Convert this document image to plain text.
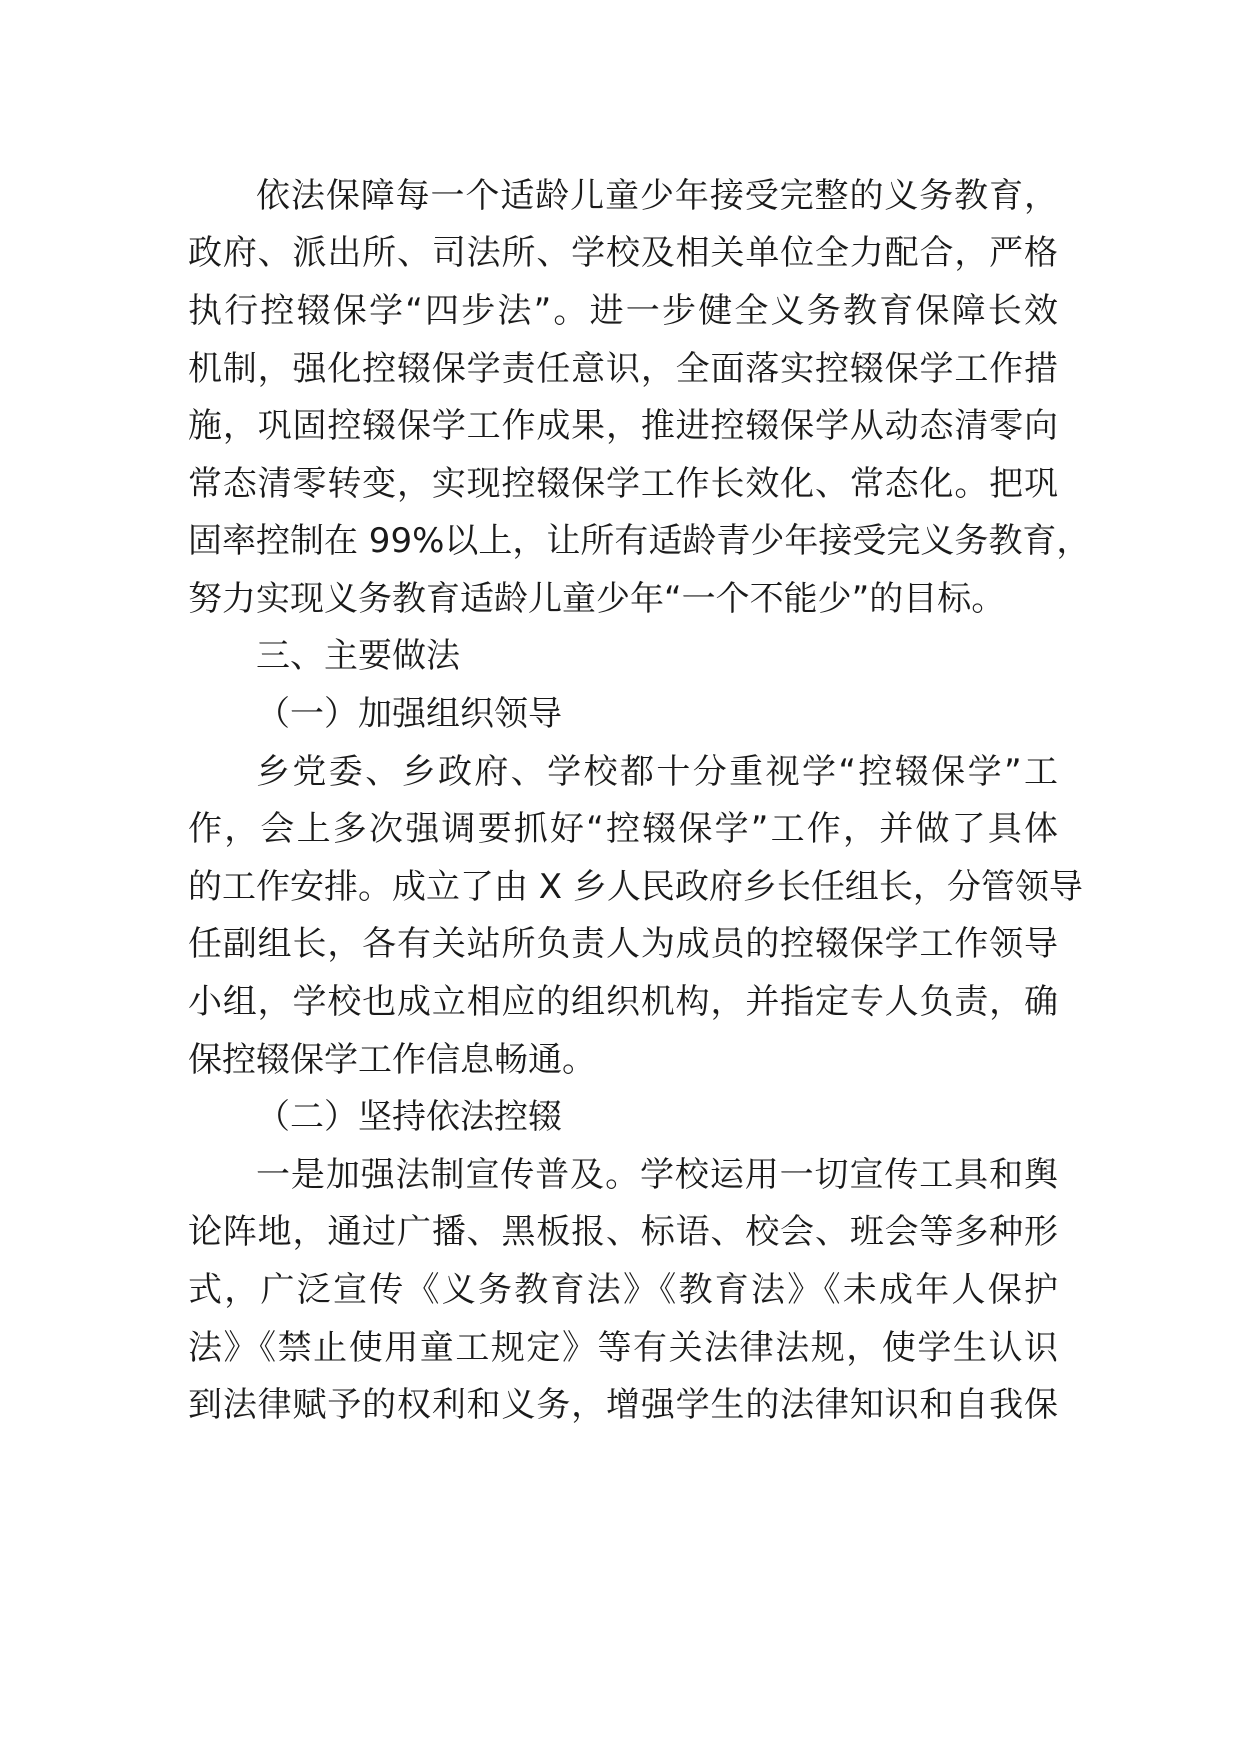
依法保障每一个适龄儿童少年接受完整的义务教育，
政府、派出所、司法所、学校及相关单位全力配合，严格
执行控辍保学“四步法”。进一步健全义务教育保障长效
机制，强化控辍保学责任意识，全面落实控辍保学工作措
施，巩固控辍保学工作成果，推进控辍保学从动态清零向
常态清零转变，实现控辍保学工作长效化、常态化。把巩
固率控制在 99%以上，让所有适龄青少年接受完义务教育，
努力实现义务教育适龄儿童少年“一个不能少”的目标。
三、主要做法
（一）加强组织领导
乡党委、乡政府、学校都十分重视学“控辍保学”工
作，会上多次强调要抓好“控辍保学”工作，并做了具体
的工作安排。成立了由 X 乡人民政府乡长任组长，分管领导
任副组长，各有关站所负责人为成员的控辍保学工作领导
小组，学校也成立相应的组织机构，并指定专人负责，确
保控辍保学工作信息畅通。
（二）坚持依法控辍
一是加强法制宣传普及。学校运用一切宣传工具和舆
论阵地，通过广播、黑板报、标语、校会、班会等多种形
式，广泛宣传《义务教育法》《教育法》《未成年人保护
法》《禁止使用童工规定》等有关法律法规，使学生认识
到法律赋予的权利和义务，增强学生的法律知识和自我保
